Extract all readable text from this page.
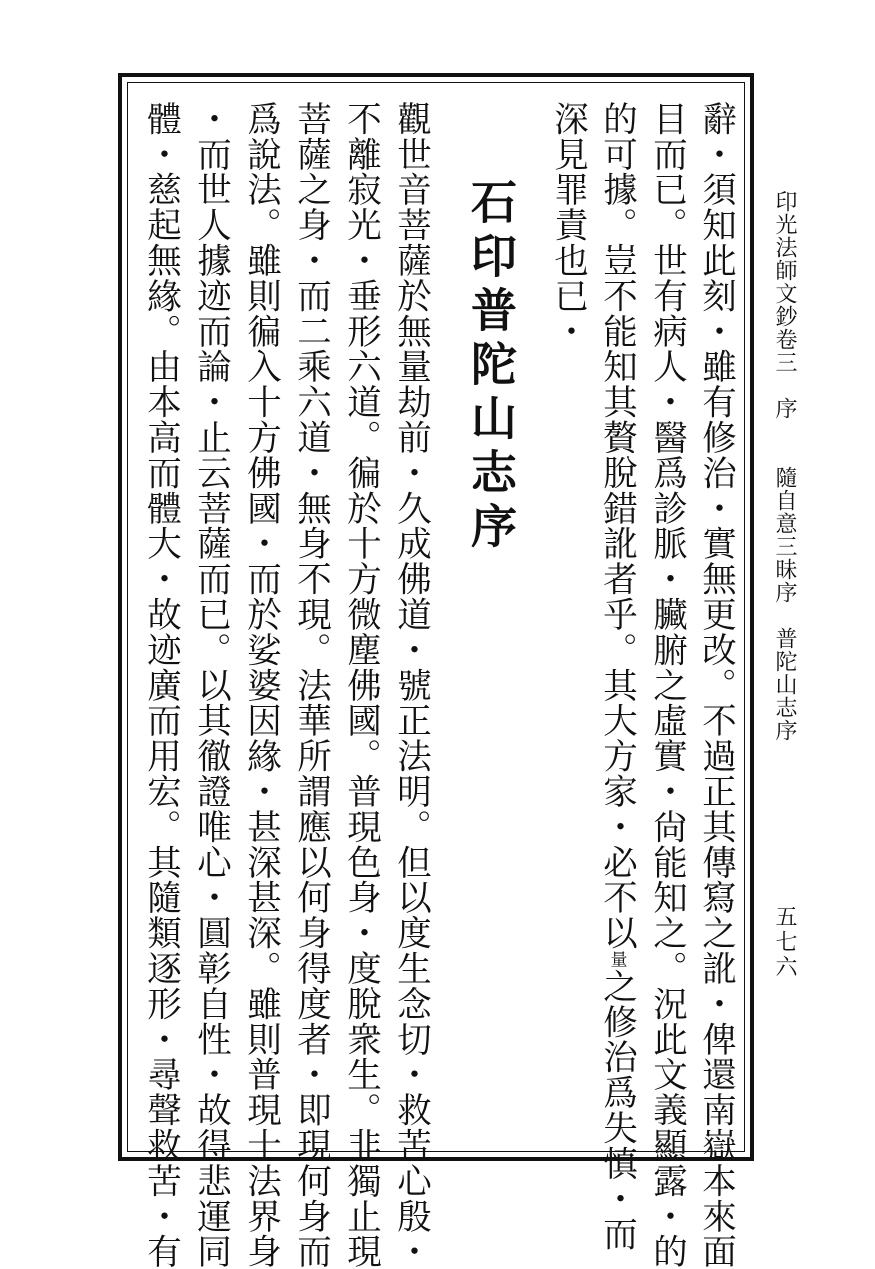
印光法師文鈔卷三　序　　隨自意三昧序　普陀山志序
五七六
辭・須知此刻・雖有修治・實無更改。不過正其傳寫之訛・俾還南嶽本來面
目而已。世有病人・醫爲診脈・臟腑之虛實・尙能知之。況此文義顯露・的
的可據。豈不能知其贅脫錯訛者乎。其大方家・必不以量之修治爲失慎・而
深見罪責也已・
石印普陀山志序
觀世音菩薩於無量劫前・久成佛道・號正法明。但以度生念切・救苦心殷・
不離寂光・垂形六道。徧於十方微塵佛國。普現色身・度脫衆生。非獨止現
菩薩之身・而二乘六道・無身不現。法華所謂應以何身得度者・即現何身而
爲說法。雖則徧入十方佛國・而於娑婆因緣・甚深甚深。雖則普現十法界身
・而世人據迹而論・止云菩薩而已。以其徹證唯心・圓彰自性・故得悲運同
體・慈起無緣。由本高而體大・故迹廣而用宏。其隨類逐形・尋聲救苦・有
